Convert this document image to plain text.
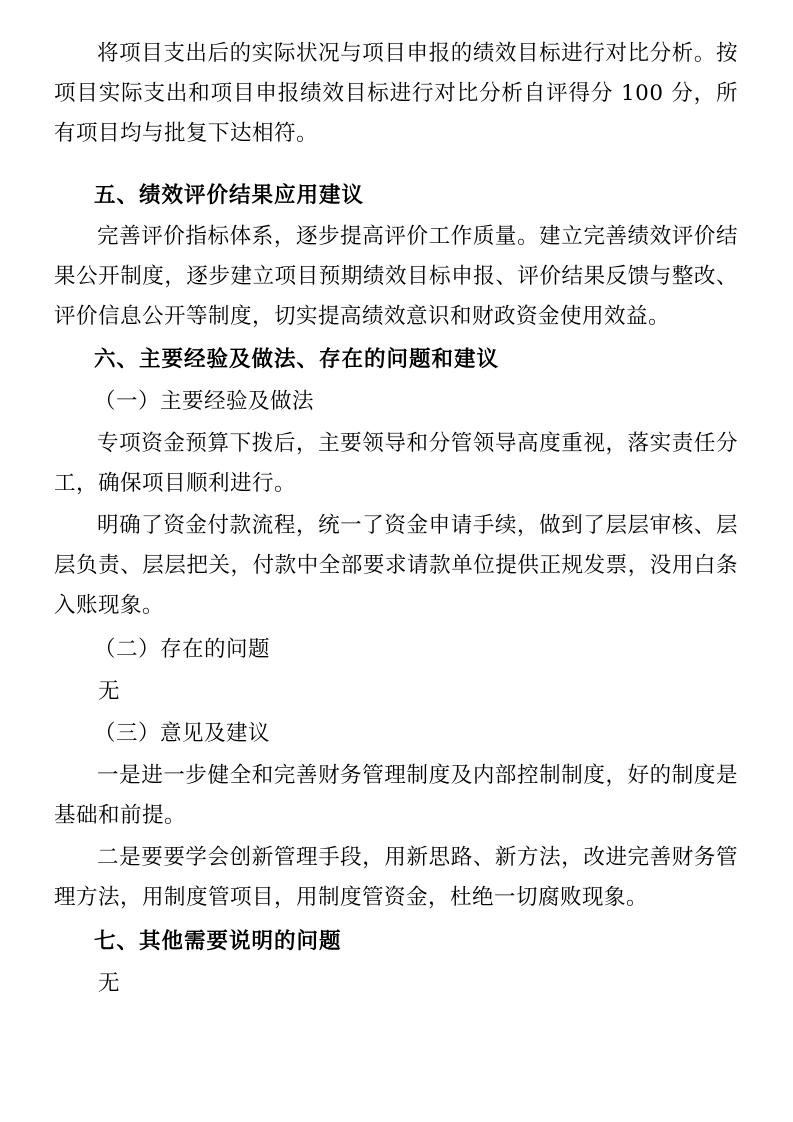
将项目支出后的实际状况与项目申报的绩效目标进行对比分析。按项目实际支出和项目申报绩效目标进行对比分析自评得分 100 分，所有项目均与批复下达相符。

五、绩效评价结果应用建议

完善评价指标体系，逐步提高评价工作质量。建立完善绩效评价结果公开制度，逐步建立项目预期绩效目标申报、评价结果反馈与整改、评价信息公开等制度，切实提高绩效意识和财政资金使用效益。

六、主要经验及做法、存在的问题和建议

（一）主要经验及做法

专项资金预算下拨后，主要领导和分管领导高度重视，落实责任分工，确保项目顺利进行。

明确了资金付款流程，统一了资金申请手续，做到了层层审核、层层负责、层层把关，付款中全部要求请款单位提供正规发票，没用白条入账现象。

（二）存在的问题

无

（三）意见及建议

一是进一步健全和完善财务管理制度及内部控制制度，好的制度是基础和前提。

二是要要学会创新管理手段，用新思路、新方法，改进完善财务管理方法，用制度管项目，用制度管资金，杜绝一切腐败现象。

七、其他需要说明的问题

无
